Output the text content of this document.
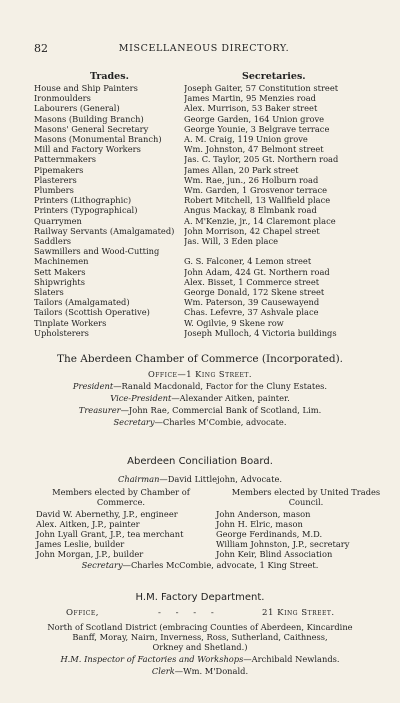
82	MISCELLANEOUS DIRECTORY.
Trades.	Secretaries.
House and Ship Painters	Joseph Gaiter, 57 Constitution street
Ironmoulders	James Martin, 95 Menzies road
Labourers (General)	Alex. Murrison, 53 Baker street
Masons (Building Branch)	George Garden, 164 Union grove
Masons' General Secretary	George Younie, 3 Belgrave terrace
Masons (Monumental Branch)	A. M. Craig, 119 Union grove
Mill and Factory Workers	Wm. Johnston, 47 Belmont street
Patternmakers	Jas. C. Taylor, 205 Gt. Northern road
Pipemakers	James Allan, 20 Park street
Plasterers	Wm. Rae, jun., 26 Holburn road
Plumbers	Wm. Garden, 1 Grosvenor terrace
Printers (Lithographic)	Robert Mitchell, 13 Wallfield place
Printers (Typographical)	Angus Mackay, 8 Elmbank road
Quarrymen	A. M'Kenzie, jr., 14 Claremont place
Railway Servants (Amalgamated)	John Morrison, 42 Chapel street
Saddlers	Jas. Will, 3 Eden place
Sawmillers and Wood-Cutting
Machinemen	G. S. Falconer, 4 Lemon street
Sett Makers	John Adam, 424 Gt. Northern road
Shipwrights	Alex. Bisset, 1 Commerce street
Slaters	George Donald, 172 Skene street
Tailors (Amalgamated)	Wm. Paterson, 39 Causewayend
Tailors (Scottish Operative)	Chas. Lefevre, 37 Ashvale place
Tinplate Workers	W. Ogilvie, 9 Skene row
Upholsterers	Joseph Mulloch, 4 Victoria buildings
The Aberdeen Chamber of Commerce (Incorporated).
Office—1 King Street.
President—Ranald Macdonald, Factor for the Cluny Estates.
Vice-President—Alexander Aitken, painter.
Treasurer—John Rae, Commercial Bank of Scotland, Lim.
Secretary—Charles M'Combie, advocate.
Aberdeen Conciliation Board.
Chairman—David Littlejohn, Advocate.
Members elected by Chamber of
Commerce.
Members elected by United Trades
Council.
David W. Abernethy, J.P., engineer
Alex. Aitken, J.P., painter
John Lyall Grant, J.P., tea merchant
James Leslie, builder
John Morgan, J.P., builder
John Anderson, mason
John H. Elric, mason
George Ferdinands, M.D.
William Johnston, J.P., secretary
John Keir, Blind Association
Secretary—Charles McCombie, advocate, 1 King Street.
H.M. Factory Department.
Office,	- - - -	21 King Street.
North of Scotland District (embracing Counties of Aberdeen, Kincardine
Banff, Moray, Nairn, Inverness, Ross, Sutherland, Caithness,
Orkney and Shetland.)
H.M. Inspector of Factories and Workshops—Archibald Newlands.
Clerk—Wm. M'Donald.
